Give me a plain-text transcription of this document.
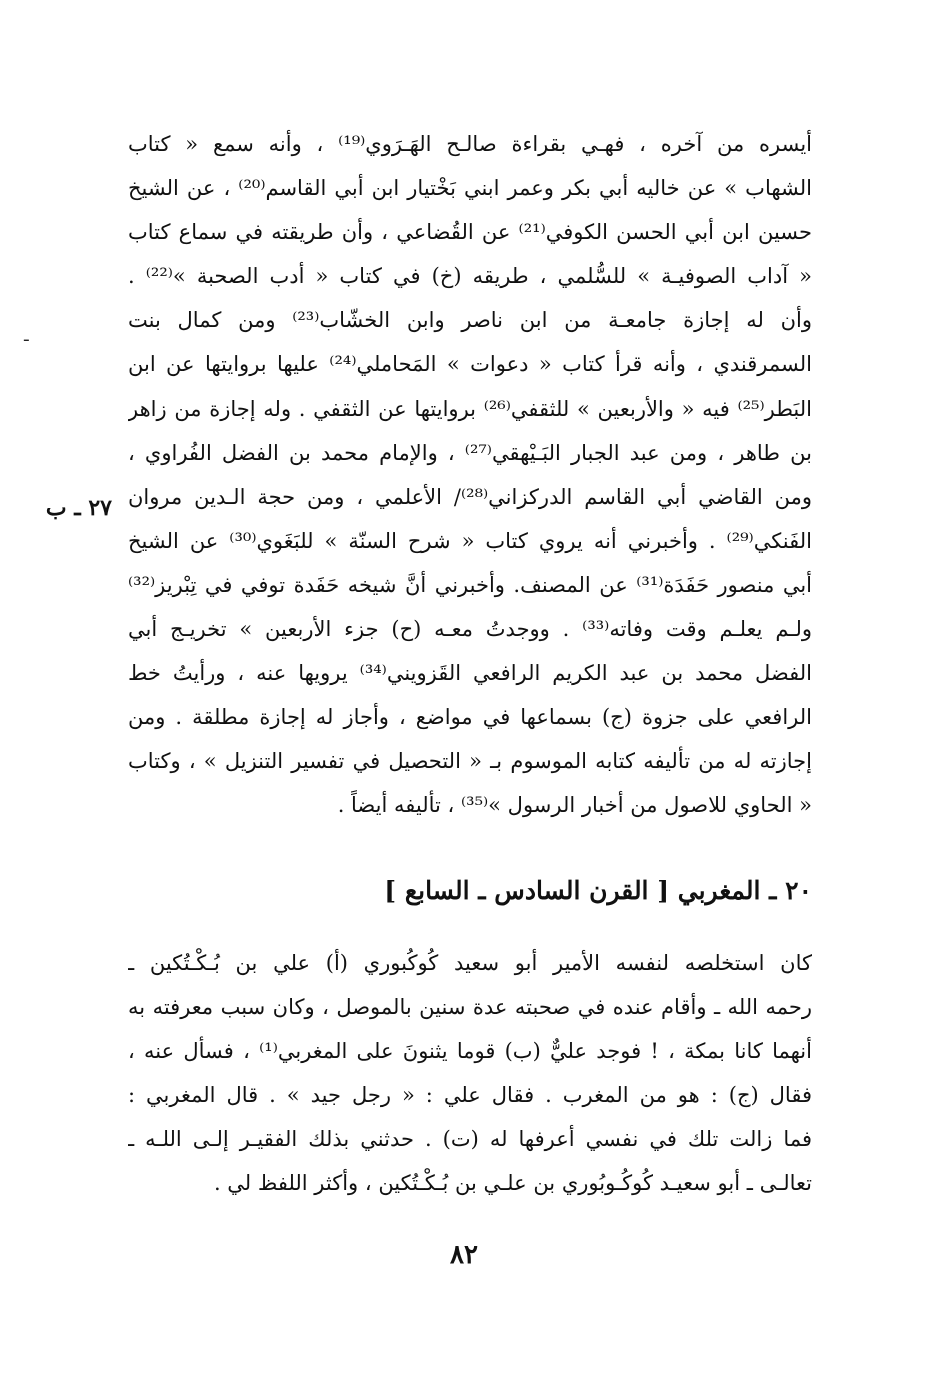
ـ
أيسره من آخره ، فهـي بقراءة صالـح الهَـرَوي⁽¹⁹⁾ ، وأنه سمع « كتاب
الشهاب » عن خاليه أبي بكر وعمر ابني بَخْتيار ابن أبي القاسم⁽²⁰⁾ ، عن الشيخ
حسين ابن أبي الحسن الكوفي⁽²¹⁾ عن القُضاعي ، وأن طريقته في سماع كتاب
« آداب الصوفيـة » للسُّلمي ، طريقه (خ) في كتاب « أدب الصحبة »⁽²²⁾ .
وأن له إجازة جامعـة من ابن ناصر وابن الخشّاب⁽²³⁾ ومن كمال بنت
السمرقندي ، وأنه قرأ كتاب « دعوات » المَحاملي⁽²⁴⁾ عليها بروايتها عن ابن
البَطر⁽²⁵⁾ فيه « والأربعين » للثقفي⁽²⁶⁾ بروايتها عن الثقفي . وله إجازة من زاهر
بن طاهر ، ومن عبد الجبار البَـيْهقي⁽²⁷⁾ ، والإمام محمد بن الفضل الفُراوي ،
ومن القاضي أبي القاسم الدركزاني⁽²⁸⁾/ الأعلمي ، ومن حجة الـدين مروان
الفَنكي⁽²⁹⁾ . وأخبرني أنه يروي كتاب « شرح السنّة » للبَغَوي⁽³⁰⁾ عن الشيخ
أبي منصور حَفَدَة⁽³¹⁾ عن المصنف. وأخبرني أنَّ شيخه حَفَدة توفي في تِبْريز⁽³²⁾
ولـم يعلـم وقت وفاته⁽³³⁾ . ووجدتُ معـه (ح) جزء الأربعين » تخريـج أبي
الفضل محمد بن عبد الكريم الرافعي القَزويني⁽³⁴⁾ يرويها عنه ، ورأيتُ خط
الرافعي على جزوة (ج) بسماعها في مواضع ، وأجاز له إجازة مطلقة . ومن
إجازته له من تأليفه كتابه الموسوم بـ « التحصيل في تفسير التنزيل » ، وكتاب
« الحاوي للاصول من أخبار الرسول »⁽³⁵⁾ ، تأليفه أيضاً .
٢٧ ـ ب
٢٠ ـ المغربي [ القرن السادس ـ السابع ]
كان استخلصه لنفسه الأمير أبو سعيد كُوكُبوري (أ) علي بن بُـكْـتُكين ـ
رحمه الله ـ وأقام عنده في صحبته عدة سنين بالموصل ، وكان سبب معرفته به
أنهما كانا بمكة ، ! فوجد عليٌّ (ب) قوما يثنونَ على المغربي⁽¹⁾ ، فسأل عنه ،
فقال (ج) : هو من المغرب . فقال علي : « رجل جيد » . قال المغربي :
فما زالت تلك في نفسي أعرفها له (ت) . حدثني بذلك الفقيـر إلـى اللـه ـ
تعالـى ـ أبو سعيـد كُوكُـوبُوري بن علـي بن بُـكْـتُكين ، وأكثر اللفظ لي .
٨٢
